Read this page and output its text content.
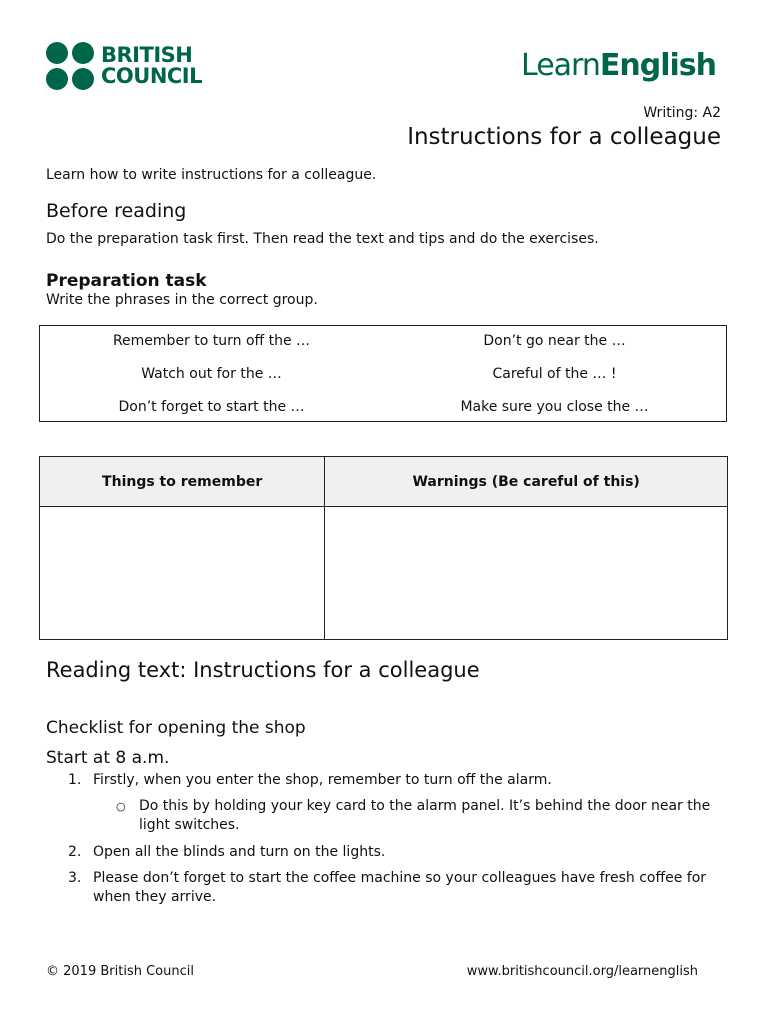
BRITISH
COUNCIL	LearnEnglish
Writing: A2
Instructions for a colleague

Learn how to write instructions for a colleague.

Before reading

Do the preparation task first. Then read the text and tips and do the exercises.

Preparation task

Write the phrases in the correct group.

Remember to turn off the …	Don’t go near the …
Watch out for the …	Careful of the … !
Don’t forget to start the …	Make sure you close the …
Things to remember	Warnings (Be careful of this)

Reading text: Instructions for a colleague

Checklist for opening the shop

Start at 8 a.m.

1. Firstly, when you enter the shop, remember to turn off the alarm.
○ Do this by holding your key card to the alarm panel. It’s behind the door near the light switches.
2. Open all the blinds and turn on the lights.
3. Please don’t forget to start the coffee machine so your colleagues have fresh coffee for when they arrive.
© 2019 British Council	www.britishcouncil.org/learnenglish
